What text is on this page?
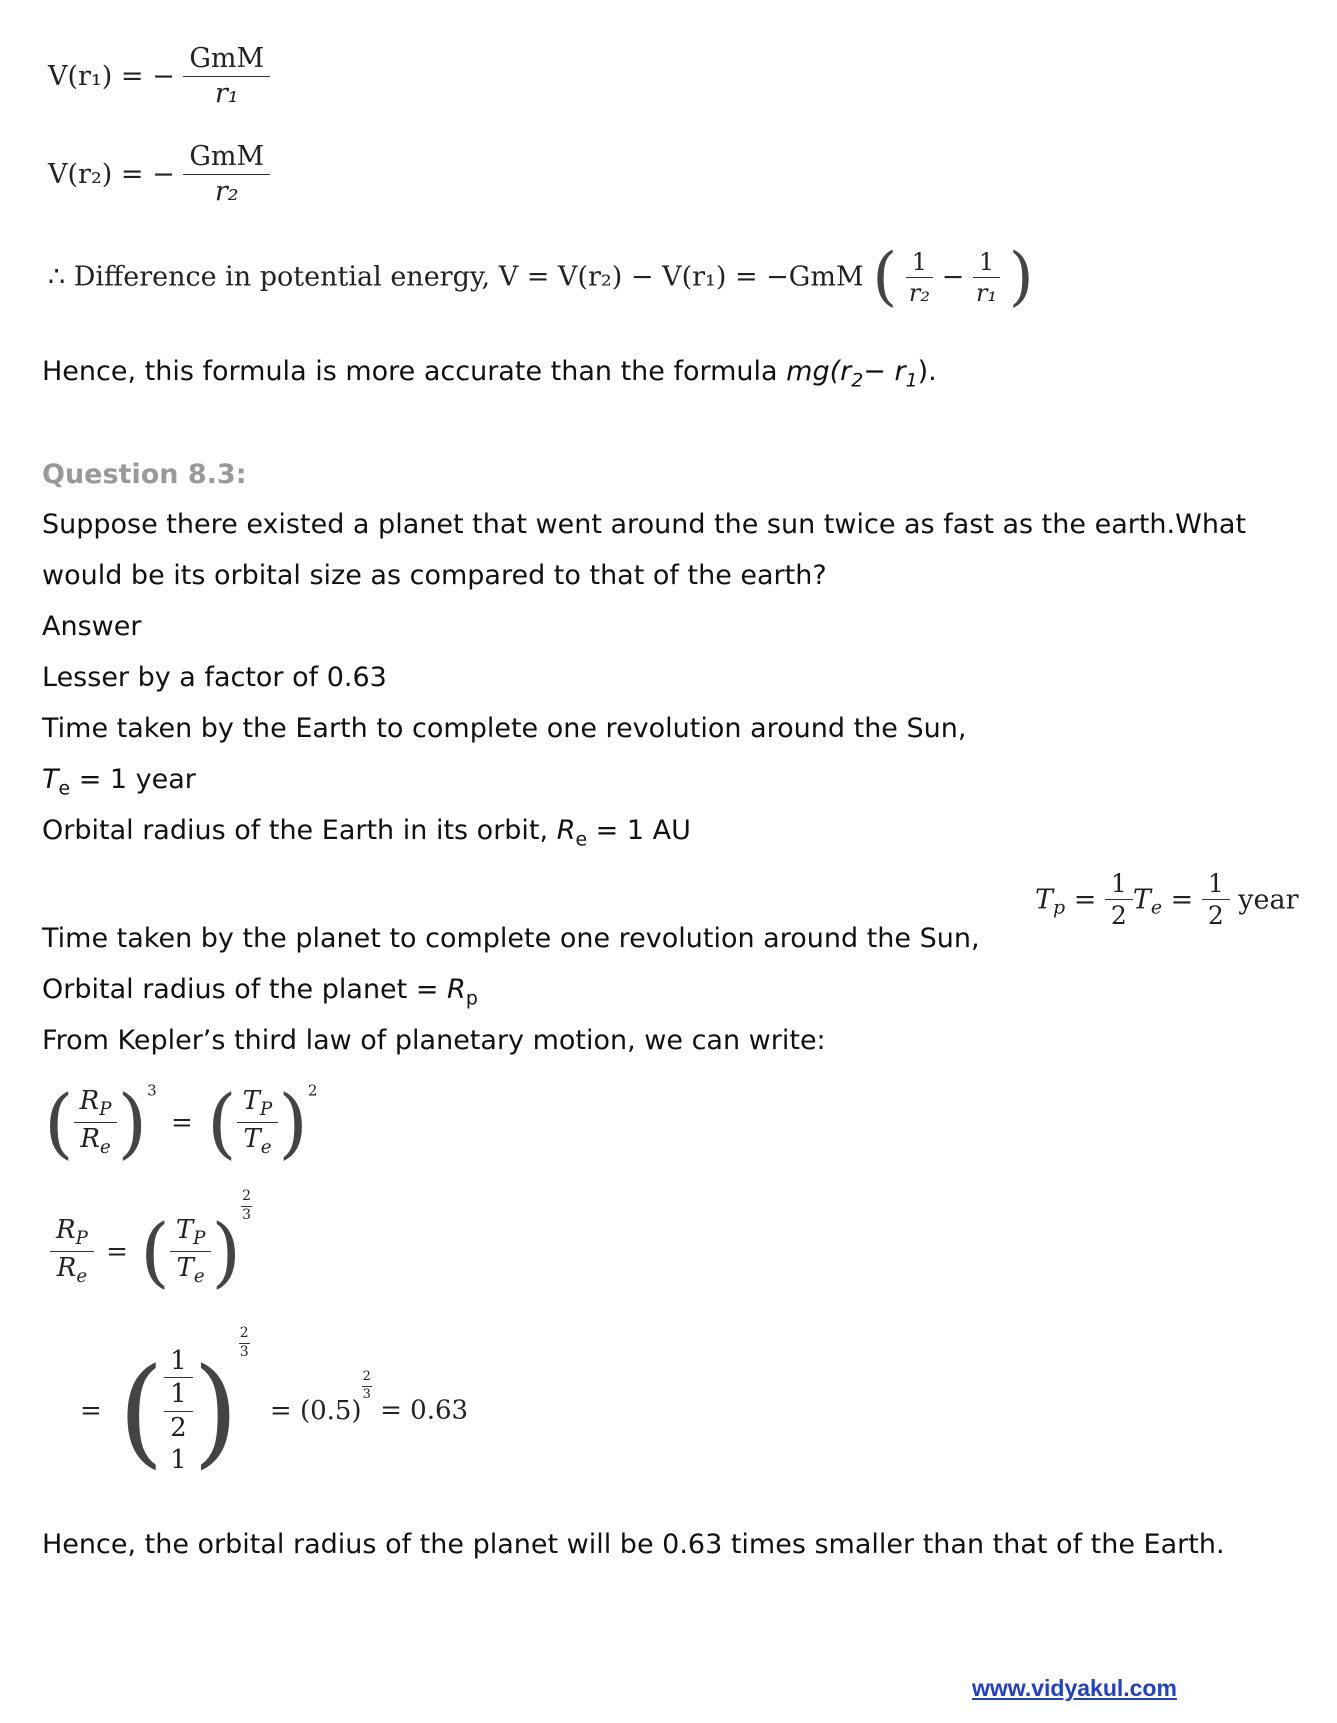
V(r₁) = − $\frac{\text{GmM}}{\text{r₁}}$
V(r₂) = − $\frac{\text{GmM}}{\text{r₂}}$
∴ Difference in potential energy, V = V(r₂) − V(r₁) = −GmM ( $\frac{1}{\text{r₂}} - \frac{1}{\text{r₁}}$ )
Hence, this formula is more accurate than the formula $mg(r_2- r_1)$.
Question 8.3:
Suppose there existed a planet that went around the sun twice as fast as the earth.What
would be its orbital size as compared to that of the earth?
Answer
Lesser by a factor of 0.63
Time taken by the Earth to complete one revolution around the Sun,
$T_e = 1$ year
Orbital radius of the Earth in its orbit, $R_e = 1$ AU
$T_p = \frac{1}{2} T_e = \frac{1}{2}$ year
Time taken by the planet to complete one revolution around the Sun,
Orbital radius of the planet = $R_p$
From Kepler’s third law of planetary motion, we can write:
( $\frac{R_P}{R_e} )^3$ = ( $\frac{T_P}{T_e} )^2$
$\frac{R_P}{R_e}$ = ( $\frac{T_P}{T_e}$ )
$\frac{2}{3}$
= ( 1
$\frac{1}{2}$
1 ) $\frac{2}{3}$
= (0.5)
$\frac{2}{3}$
= 0.63
Hence, the orbital radius of the planet will be 0.63 times smaller than that of the Earth.
www.vidyakul.com
